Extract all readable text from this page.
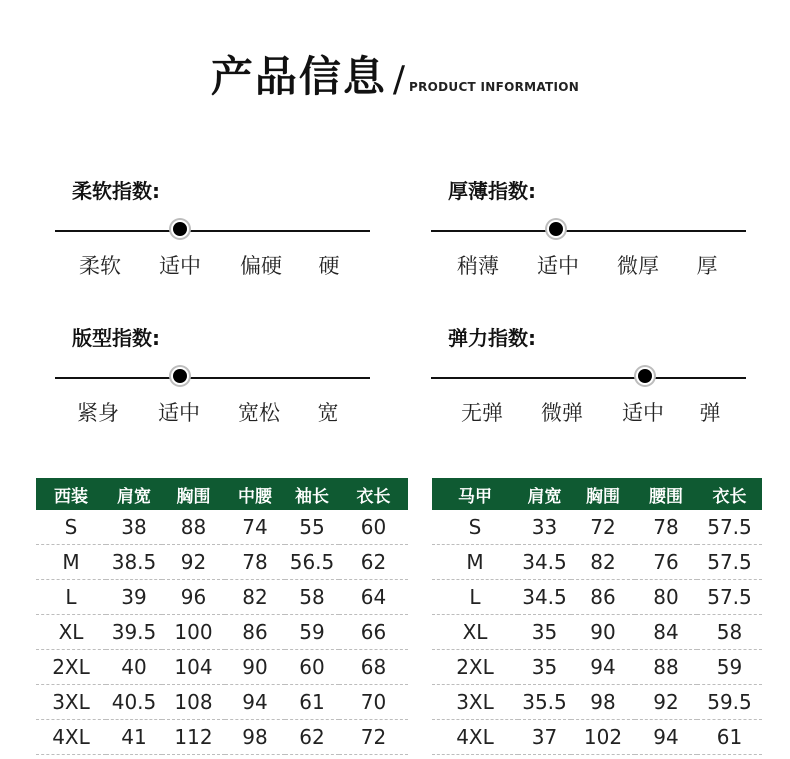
产品信息 / PRODUCT INFORMATION
柔软指数:
柔软 适中 偏硬 硬
厚薄指数:
稍薄 适中 微厚 厚
版型指数:
紧身 适中 宽松 宽
弹力指数:
无弹 微弹 适中 弹
西装	肩宽	胸围	中腰	袖长	衣长
S	38	88	74	55	60
M	38.5	92	78	56.5	62
L	39	96	82	58	64
XL	39.5	100	86	59	66
2XL	40	104	90	60	68
3XL	40.5	108	94	61	70
4XL	41	112	98	62	72
马甲	肩宽	胸围	腰围	衣长
S	33	72	78	57.5
M	34.5	82	76	57.5
L	34.5	86	80	57.5
XL	35	90	84	58
2XL	35	94	88	59
3XL	35.5	98	92	59.5
4XL	37	102	94	61
